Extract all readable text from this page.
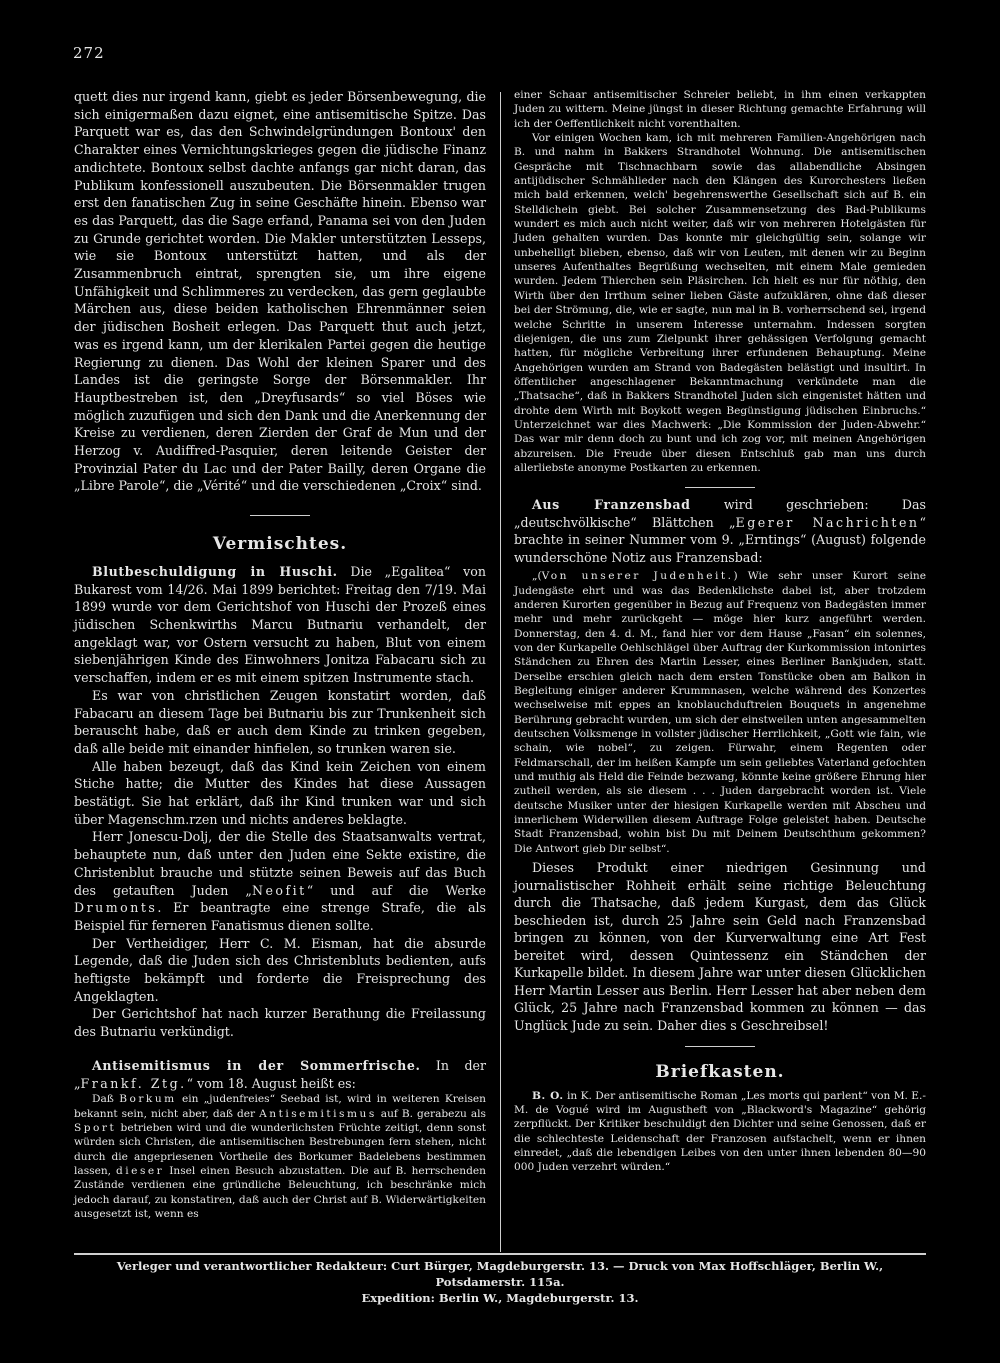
272

quett dies nur irgend kann, giebt es jeder Börsenbewegung, die sich einigermaßen dazu eignet, eine antisemitische Spitze. Das Parquett war es, das den Schwindelgründungen Bontoux' den Charakter eines Vernichtungskrieges gegen die jüdische Finanz andichtete. Bontoux selbst dachte anfangs gar nicht daran, das Publikum konfessionell auszubeuten. Die Börsenmakler trugen erst den fanatischen Zug in seine Geschäfte hinein. Ebenso war es das Parquett, das die Sage erfand, Panama sei von den Juden zu Grunde gerichtet worden. Die Makler unterstützten Lesseps, wie sie Bontoux unterstützt hatten, und als der Zusammenbruch eintrat, sprengten sie, um ihre eigene Unfähigkeit und Schlimmeres zu verdecken, das gern geglaubte Märchen aus, diese beiden katholischen Ehrenmänner seien der jüdischen Bosheit erlegen. Das Parquett thut auch jetzt, was es irgend kann, um der klerikalen Partei gegen die heutige Regierung zu dienen. Das Wohl der kleinen Sparer und des Landes ist die geringste Sorge der Börsenmakler. Ihr Hauptbestreben ist, den „Dreyfusards“ so viel Böses wie möglich zuzufügen und sich den Dank und die Anerkennung der Kreise zu verdienen, deren Zierden der Graf de Mun und der Herzog v. Audiffred-Pasquier, deren leitende Geister der Provinzial Pater du Lac und der Pater Bailly, deren Organe die „Libre Parole“, die „Vérité“ und die verschiedenen „Croix“ sind.

Vermischtes.

Blutbeschuldigung in Huschi. Die „Egalitea“ von Bukarest vom 14/26. Mai 1899 berichtet: Freitag den 7/19. Mai 1899 wurde vor dem Gerichtshof von Huschi der Prozeß eines jüdischen Schenkwirths Marcu Butnariu verhandelt, der angeklagt war, vor Ostern versucht zu haben, Blut von einem siebenjährigen Kinde des Einwohners Jonitza Fabacaru sich zu verschaffen, indem er es mit einem spitzen Instrumente stach.

Es war von christlichen Zeugen konstatirt worden, daß Fabacaru an diesem Tage bei Butnariu bis zur Trunkenheit sich berauscht habe, daß er auch dem Kinde zu trinken gegeben, daß alle beide mit einander hinfielen, so trunken waren sie.

Alle haben bezeugt, daß das Kind kein Zeichen von einem Stiche hatte; die Mutter des Kindes hat diese Aussagen bestätigt. Sie hat erklärt, daß ihr Kind trunken war und sich über Magenschm.rzen und nichts anderes beklagte.

Herr Jonescu-Dolj, der die Stelle des Staatsanwalts vertrat, behauptete nun, daß unter den Juden eine Sekte existire, die Christenblut brauche und stützte seinen Beweis auf das Buch des getauften Juden „Neofit“ und auf die Werke Drumonts. Er beantragte eine strenge Strafe, die als Beispiel für ferneren Fanatismus dienen sollte.

Der Vertheidiger, Herr C. M. Eisman, hat die absurde Legende, daß die Juden sich des Christenbluts bedienten, aufs heftigste bekämpft und forderte die Freisprechung des Angeklagten.

Der Gerichtshof hat nach kurzer Berathung die Freilassung des Butnariu verkündigt.

Antisemitismus in der Sommerfrische. In der „Frankf. Ztg.“ vom 18. August heißt es:

Daß Borkum ein „judenfreies“ Seebad ist, wird in weiteren Kreisen bekannt sein, nicht aber, daß der Antisemitismus auf B. gerabezu als Sport betrieben wird und die wunderlichsten Früchte zeitigt, denn sonst würden sich Christen, die antisemitischen Bestrebungen fern stehen, nicht durch die angepriesenen Vortheile des Borkumer Badelebens bestimmen lassen, dieser Insel einen Besuch abzustatten. Die auf B. herrschenden Zustände verdienen eine gründliche Beleuchtung, ich beschränke mich jedoch darauf, zu konstatiren, daß auch der Christ auf B. Widerwärtigkeiten ausgesetzt ist, wenn es

einer Schaar antisemitischer Schreier beliebt, in ihm einen verkappten Juden zu wittern. Meine jüngst in dieser Richtung gemachte Erfahrung will ich der Oeffentlichkeit nicht vorenthalten.

Vor einigen Wochen kam, ich mit mehreren Familien-Angehörigen nach B. und nahm in Bakkers Strandhotel Wohnung. Die antisemitischen Gespräche mit Tischnachbarn sowie das allabendliche Absingen antijüdischer Schmählieder nach den Klängen des Kurorchesters ließen mich bald erkennen, welch' begehrenswerthe Gesellschaft sich auf B. ein Stelldichein giebt. Bei solcher Zusammensetzung des Bad-Publikums wundert es mich auch nicht weiter, daß wir von mehreren Hotelgästen für Juden gehalten wurden. Das konnte mir gleichgültig sein, solange wir unbehelligt blieben, ebenso, daß wir von Leuten, mit denen wir zu Beginn unseres Aufenthaltes Begrüßung wechselten, mit einem Male gemieden wurden. Jedem Thierchen sein Pläsirchen. Ich hielt es nur für nöthig, den Wirth über den Irrthum seiner lieben Gäste aufzuklären, ohne daß dieser bei der Strömung, die, wie er sagte, nun mal in B. vorherrschend sei, irgend welche Schritte in unserem Interesse unternahm. Indessen sorgten diejenigen, die uns zum Zielpunkt ihrer gehässigen Verfolgung gemacht hatten, für mögliche Verbreitung ihrer erfundenen Behauptung. Meine Angehörigen wurden am Strand von Badegästen belästigt und insultirt. In öffentlicher angeschlagener Bekanntmachung verkündete man die „Thatsache“, daß in Bakkers Strandhotel Juden sich eingenistet hätten und drohte dem Wirth mit Boykott wegen Begünstigung jüdischen Einbruchs.“ Unterzeichnet war dies Machwerk: „Die Kommission der Juden-Abwehr.“ Das war mir denn doch zu bunt und ich zog vor, mit meinen Angehörigen abzureisen. Die Freude über diesen Entschluß gab man uns durch allerliebste anonyme Postkarten zu erkennen.

Aus Franzensbad wird geschrieben: Das „deutschvölkische“ Blättchen „Egerer Nachrichten“ brachte in seiner Nummer vom 9. „Erntings“ (August) folgende wunderschöne Notiz aus Franzensbad:

„(Von unserer Judenheit.) Wie sehr unser Kurort seine Judengäste ehrt und was das Bedenklichste dabei ist, aber trotzdem anderen Kurorten gegenüber in Bezug auf Frequenz von Badegästen immer mehr und mehr zurückgeht — möge hier kurz angeführt werden. Donnerstag, den 4. d. M., fand hier vor dem Hause „Fasan“ ein solennes, von der Kurkapelle Oehlschlägel über Auftrag der Kurkommission intonirtes Ständchen zu Ehren des Martin Lesser, eines Berliner Bankjuden, statt. Derselbe erschien gleich nach dem ersten Tonstücke oben am Balkon in Begleitung einiger anderer Krummnasen, welche während des Konzertes wechselweise mit eppes an knoblauchduftreien Bouquets in angenehme Berührung gebracht wurden, um sich der einstweilen unten angesammelten deutschen Volksmenge in vollster jüdischer Herrlichkeit, „Gott wie fain, wie schain, wie nobel“, zu zeigen. Fürwahr, einem Regenten oder Feldmarschall, der im heißen Kampfe um sein geliebtes Vaterland gefochten und muthig als Held die Feinde bezwang, könnte keine größere Ehrung hier zutheil werden, als sie diesem . . . Juden dargebracht worden ist. Viele deutsche Musiker unter der hiesigen Kurkapelle werden mit Abscheu und innerlichem Widerwillen diesem Auftrage Folge geleistet haben. Deutsche Stadt Franzensbad, wohin bist Du mit Deinem Deutschthum gekommen? Die Antwort gieb Dir selbst“.

Dieses Produkt einer niedrigen Gesinnung und journalistischer Rohheit erhält seine richtige Beleuchtung durch die Thatsache, daß jedem Kurgast, dem das Glück beschieden ist, durch 25 Jahre sein Geld nach Franzensbad bringen zu können, von der Kurverwaltung eine Art Fest bereitet wird, dessen Quintessenz ein Ständchen der Kurkapelle bildet. In diesem Jahre war unter diesen Glücklichen Herr Martin Lesser aus Berlin. Herr Lesser hat aber neben dem Glück, 25 Jahre nach Franzensbad kommen zu können — das Unglück Jude zu sein. Daher dies s Geschreibsel!

Briefkasten.

B. O. in K. Der antisemitische Roman „Les morts qui parlent“ von M. E.-M. de Vogué wird im Augustheft von „Blackword's Magazine“ gehörig zerpflückt. Der Kritiker beschuldigt den Dichter und seine Genossen, daß er die schlechteste Leidenschaft der Franzosen aufstachelt, wenn er ihnen einredet, „daß die lebendigen Leibes von den unter ihnen lebenden 80—90 000 Juden verzehrt würden.“

Verleger und verantwortlicher Redakteur: Curt Bürger, Magdeburgerstr. 13. — Druck von Max Hoffschläger, Berlin W., Potsdamerstr. 115a.
Expedition: Berlin W., Magdeburgerstr. 13.
